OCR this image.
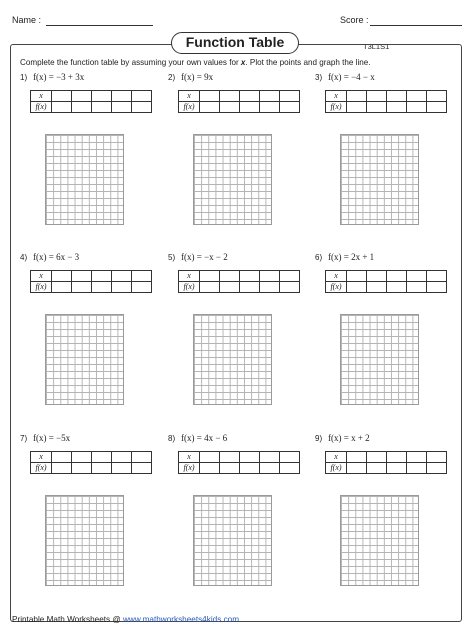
Name :	Score :
T3L1S1
Function Table
Complete the function table by assuming your own values for x. Plot the points and graph the line.
1) f(x) = −3 + 3x
x					
f(x)					
2) f(x) = 9x
x					
f(x)					
3) f(x) = −4 − x
x					
f(x)					
4) f(x) = 6x − 3
x					
f(x)					
5) f(x) = −x − 2
x					
f(x)					
6) f(x) = 2x + 1
x					
f(x)					
7) f(x) = −5x
x					
f(x)					
8) f(x) = 4x − 6
x					
f(x)					
9) f(x) = x + 2
x					
f(x)					
Printable Math Worksheets @ www.mathworksheets4kids.com
